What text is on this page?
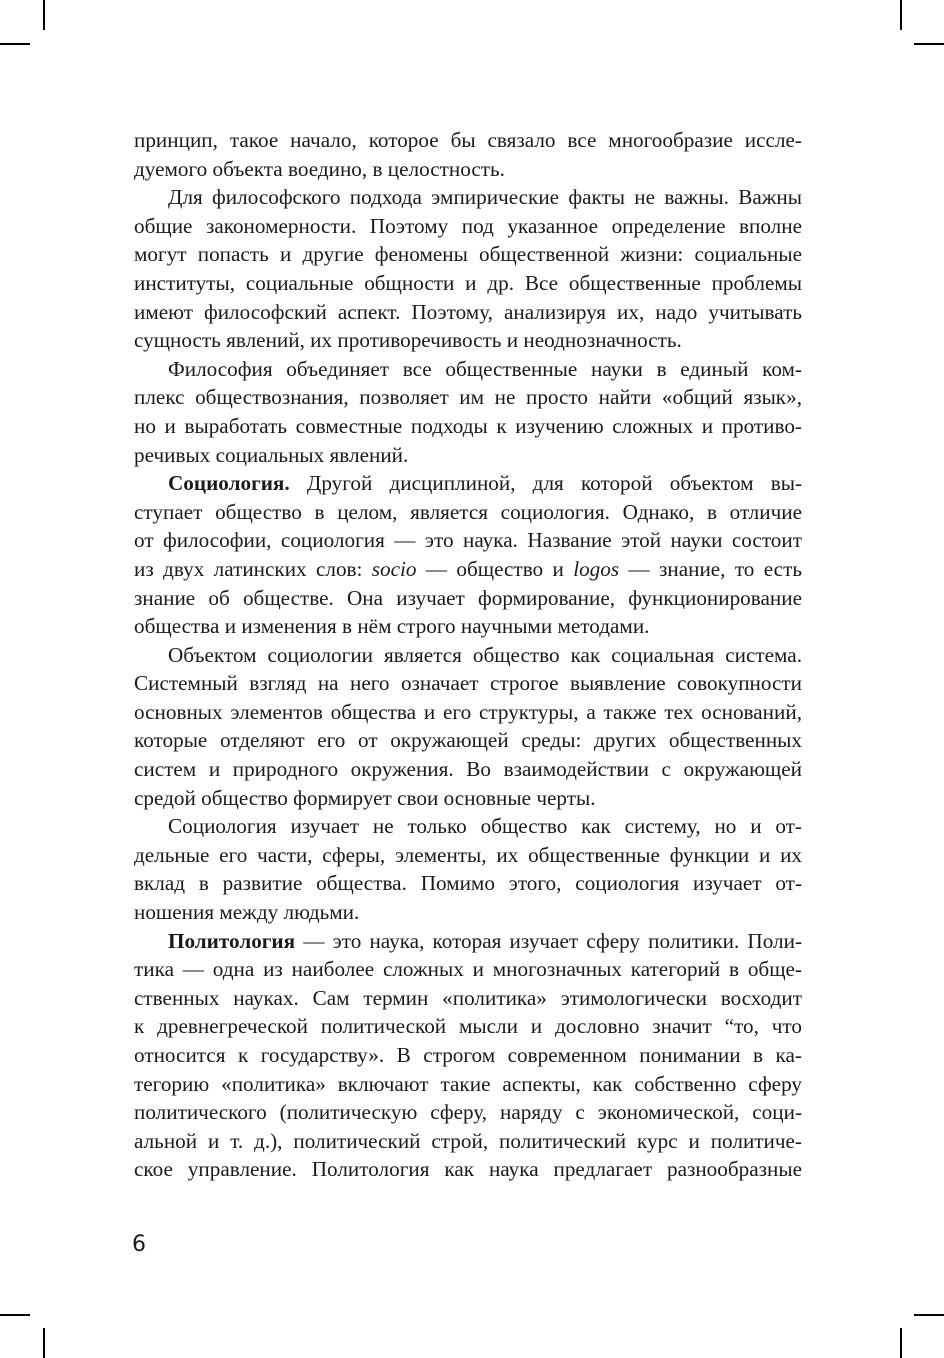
принцип, такое начало, которое бы связало все многообразие иссле-
дуемого объекта воедино, в целостность.
Для философского подхода эмпирические факты не важны. Важны
общие закономерности. Поэтому под указанное определение вполне
могут попасть и другие феномены общественной жизни: социальные
институты, социальные общности и др. Все общественные проблемы
имеют философский аспект. Поэтому, анализируя их, надо учитывать
сущность явлений, их противоречивость и неоднозначность.
Философия объединяет все общественные науки в единый ком-
плекс обществознания, позволяет им не просто найти «общий язык»,
но и выработать совместные подходы к изучению сложных и противо-
речивых социальных явлений.
Социология. Другой дисциплиной, для которой объектом вы-
ступает общество в целом, является социология. Однако, в отличие
от философии, социология — это наука. Название этой науки состоит
из двух латинских слов: socio — общество и logos — знание, то есть
знание об обществе. Она изучает формирование, функционирование
общества и изменения в нём строго научными методами.
Объектом социологии является общество как социальная система.
Системный взгляд на него означает строгое выявление совокупности
основных элементов общества и его структуры, а также тех оснований,
которые отделяют его от окружающей среды: других общественных
систем и природного окружения. Во взаимодействии с окружающей
средой общество формирует свои основные черты.
Социология изучает не только общество как систему, но и от-
дельные его части, сферы, элементы, их общественные функции и их
вклад в развитие общества. Помимо этого, социология изучает от-
ношения между людьми.
Политология — это наука, которая изучает сферу политики. Поли-
тика — одна из наиболее сложных и многозначных категорий в обще-
ственных науках. Сам термин «политика» этимологически восходит
к древнегреческой политической мысли и дословно значит “то, что
относится к государству». В строгом современном понимании в ка-
тегорию «политика» включают такие аспекты, как собственно сферу
политического (политическую сферу, наряду с экономической, соци-
альной и т. д.), политический строй, политический курс и политиче-
ское управление. Политология как наука предлагает разнообразные
6
